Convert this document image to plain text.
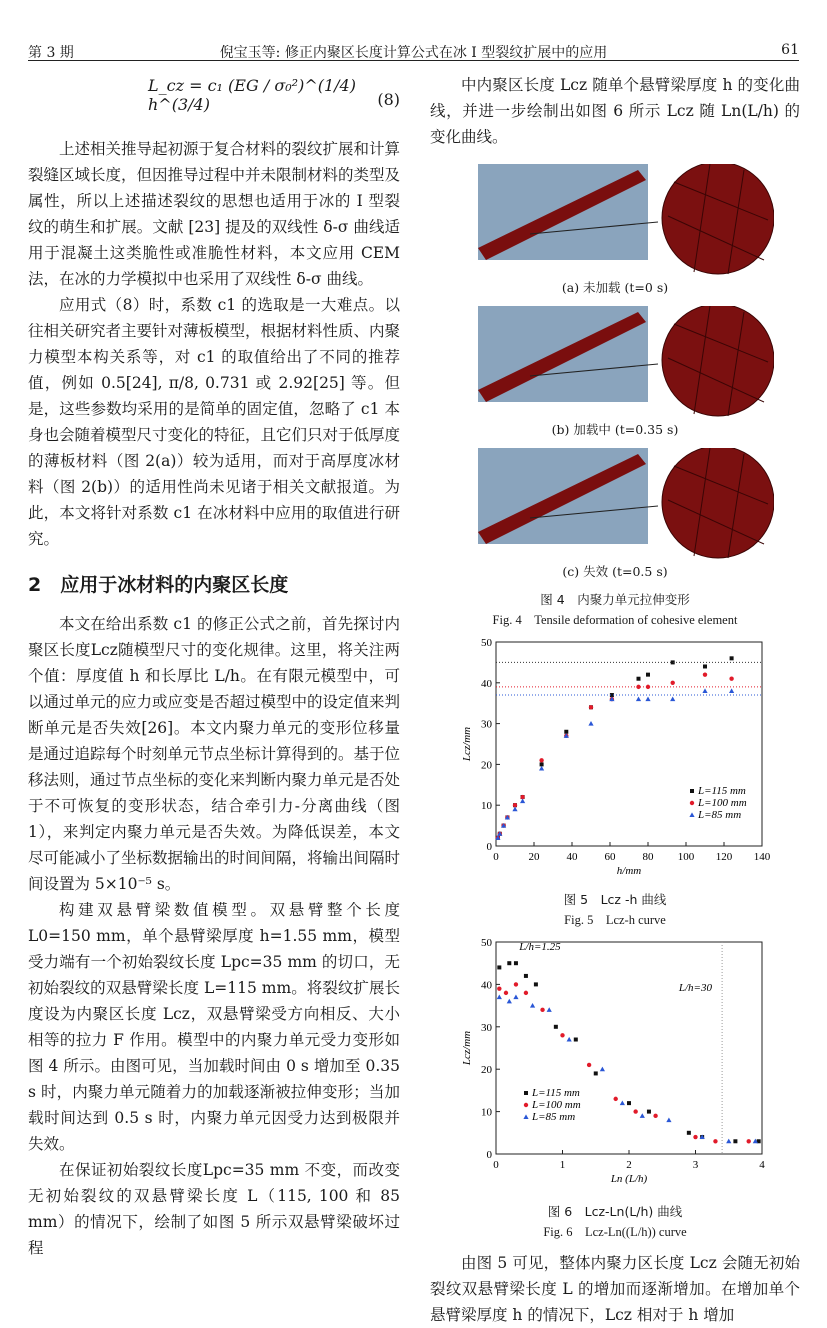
第 3 期	倪宝玉等: 修正内聚区长度计算公式在冰 I 型裂纹扩展中的应用	61
L_cz = c₁ (EG / σ₀²)^(1/4) h^(3/4)	(8)

上述相关推导起初源于复合材料的裂纹扩展和计算裂缝区域长度，但因推导过程中并未限制材料的类型及属性，所以上述描述裂纹的思想也适用于冰的 I 型裂纹的萌生和扩展。文献 [23] 提及的双线性 δ-σ 曲线适用于混凝土这类脆性或准脆性材料，本文应用 CEM 法，在冰的力学模拟中也采用了双线性 δ-σ 曲线。

应用式（8）时，系数 c1 的选取是一大难点。以往相关研究者主要针对薄板模型，根据材料性质、内聚力模型本构关系等，对 c1 的取值给出了不同的推荐值，例如 0.5[24], π/8, 0.731 或 2.92[25] 等。但是，这些参数均采用的是简单的固定值，忽略了 c1 本身也会随着模型尺寸变化的特征，且它们只对于低厚度的薄板材料（图 2(a)）较为适用，而对于高厚度冰材料（图 2(b)）的适用性尚未见诸于相关文献报道。为此，本文将针对系数 c1 在冰材料中应用的取值进行研究。

2　应用于冰材料的内聚区长度

本文在给出系数 c1 的修正公式之前，首先探讨内聚区长度Lcz随模型尺寸的变化规律。这里，将关注两个值：厚度值 h 和长厚比 L/h。在有限元模型中，可以通过单元的应力或应变是否超过模型中的设定值来判断单元是否失效[26]。本文内聚力单元的变形位移量是通过追踪每个时刻单元节点坐标计算得到的。基于位移法则，通过节点坐标的变化来判断内聚力单元是否处于不可恢复的变形状态，结合牵引力-分离曲线（图 1），来判定内聚力单元是否失效。为降低误差，本文尽可能减小了坐标数据输出的时间间隔，将输出间隔时间设置为 5×10⁻⁵ s。

构建双悬臂梁数值模型。双悬臂整个长度 L0=150 mm，单个悬臂梁厚度 h=1.55 mm，模型受力端有一个初始裂纹长度 Lpc=35 mm 的切口，无初始裂纹的双悬臂梁长度 L=115 mm。将裂纹扩展长度设为内聚区长度 Lcz，双悬臂梁受方向相反、大小相等的拉力 F 作用。模型中的内聚力单元受力变形如图 4 所示。由图可见，当加载时间由 0 s 增加至 0.35 s 时，内聚力单元随着力的加载逐渐被拉伸变形；当加载时间达到 0.5 s 时，内聚力单元因受力达到极限并失效。

在保证初始裂纹长度Lpc=35 mm 不变，而改变无初始裂纹的双悬臂梁长度 L（115, 100 和 85 mm）的情况下，绘制了如图 5 所示双悬臂梁破坏过程

中内聚区长度 Lcz 随单个悬臂梁厚度 h 的变化曲线，并进一步绘制出如图 6 所示 Lcz 随 Ln(L/h) 的变化曲线。

(a) 未加载 (t=0 s)
(b) 加载中 (t=0.35 s)
(c) 失效 (t=0.5 s)
图 4　内聚力单元拉伸变形
Fig. 4　Tensile deformation of cohesive element
0	20 40 60 80 100 120 140
0
10
20
30
40
50
h/mm
Lcz/mm
L=115 mm
L=100 mm
L=85 mm
图 5　Lcz -h 曲线
Fig. 5　Lcz-h curve
0	1	2	3	4
0
10
20
30
40
50
Ln (L/h)
Lcz/mm
L=115 mm
L=100 mm
L=85 mm
L/h=1.25
L/h=30
图 6　Lcz-Ln(L/h) 曲线
Fig. 6　Lcz-Ln((L/h)) curve

由图 5 可见，整体内聚力区长度 Lcz 会随无初始裂纹双悬臂梁长度 L 的增加而逐渐增加。在增加单个悬臂梁厚度 h 的情况下，Lcz 相对于 h 增加
